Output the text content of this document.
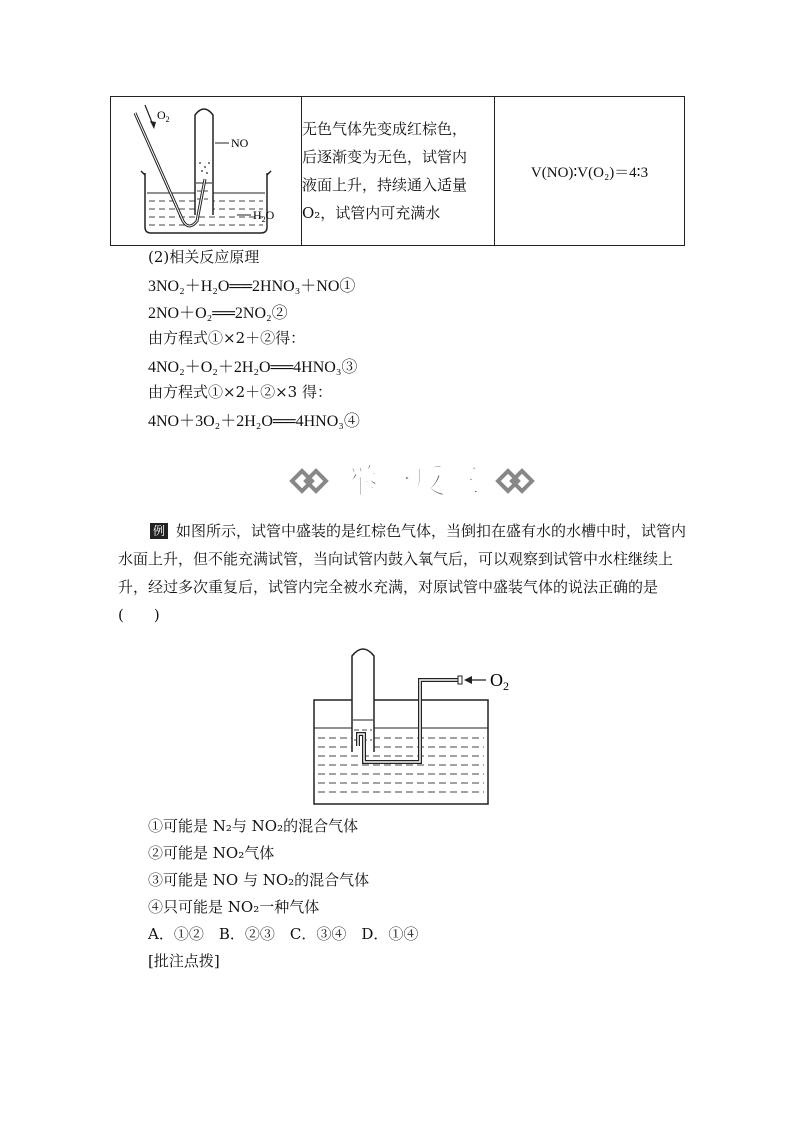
$O_2$
NO
$H_2O$

无色气体先变成红棕色，
后逐渐变为无色，试管内
液面上升，持续通入适量
O₂，试管内可充满水
	V(NO)∶V(O₂)＝4∶3
(2)相关反应原理
3NO₂＋H₂O══2HNO₃＋NO①
2NO＋O₂══2NO₂②
由方程式①×2＋②得：
4NO₂＋O₂＋2H₂O══4HNO₃③
由方程式①×2＋②×3 得：
4NO＋3O₂＋2H₂O══4HNO₃④
举一反三
例 如图所示，试管中盛装的是红棕色气体，当倒扣在盛有水的水槽中时，试管内水面上升，但不能充满试管，当向试管内鼓入氧气后，可以观察到试管中水柱继续上升，经过多次重复后，试管内完全被水充满，对原试管中盛装气体的说法正确的是(　　)
$O_2$
①可能是 N₂与 NO₂的混合气体
②可能是 NO₂气体
③可能是 NO 与 NO₂的混合气体
④只可能是 NO₂一种气体
A．①②　B．②③　C．③④　D．①④
[批注点拨]
